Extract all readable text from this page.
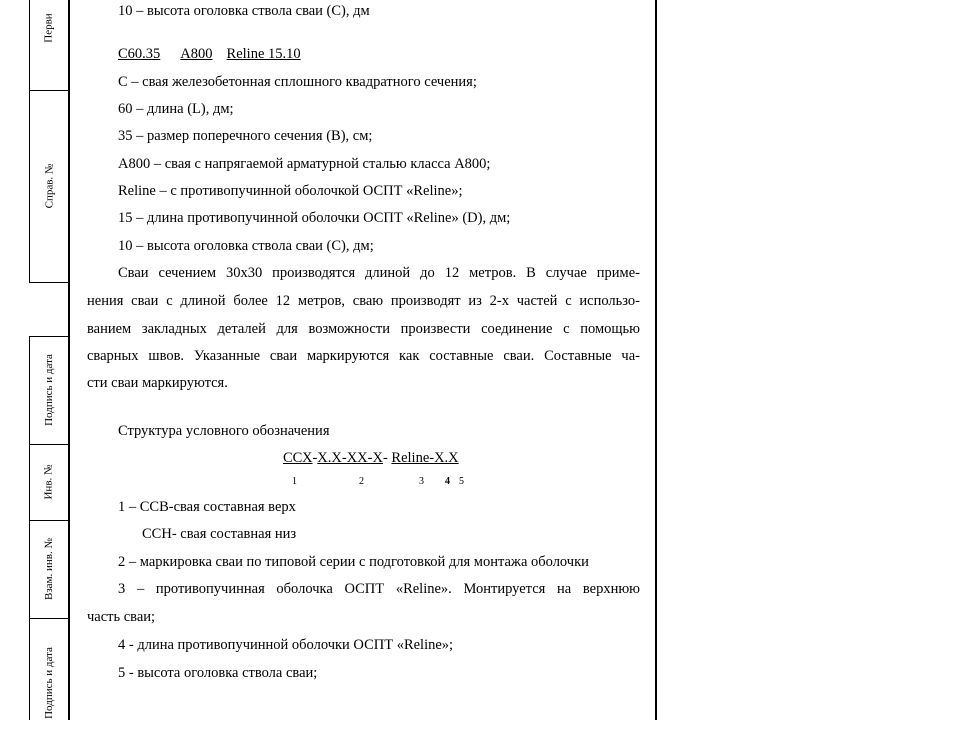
Перви
Справ. №
Подпись и дата
Инв. №
Взам. инв. №
Подпись и дата
10 – высота оголовка ствола сваи (С), дм
С60.35 А800 Reline 15.10
С – свая железобетонная сплошного квадратного сечения;
60 – длина (L), дм;
35 – размер поперечного сечения (В), см;
А800 – свая с напрягаемой арматурной сталью класса А800;
Reline – с противопучинной оболочкой ОСПТ «Reline»;
15 – длина противопучинной оболочки ОСПТ «Reline» (D), дм;
10 – высота оголовка ствола сваи (С), дм;
Сваи сечением 30х30 производятся длиной до 12 метров. В случае приме-
нения сваи с длиной более 12 метров, сваю производят из 2-х частей с использо-
ванием закладных деталей для возможности произвести соединение с помощью
сварных швов. Указанные сваи маркируются как составные сваи. Составные ча-
сти сваи маркируются.
Структура условного обозначения
ССХ-Х.Х-ХХ-Х- Reline-Х.Х
1	2	3 4 5
1 – ССВ-свая составная верх
ССН- свая составная низ
2 – маркировка сваи по типовой серии с подготовкой для монтажа оболочки
3 – противопучинная оболочка ОСПТ «Reline». Монтируется на верхнюю
часть сваи;
4 - длина противопучинной оболочки ОСПТ «Reline»;
5 - высота оголовка ствола сваи;
